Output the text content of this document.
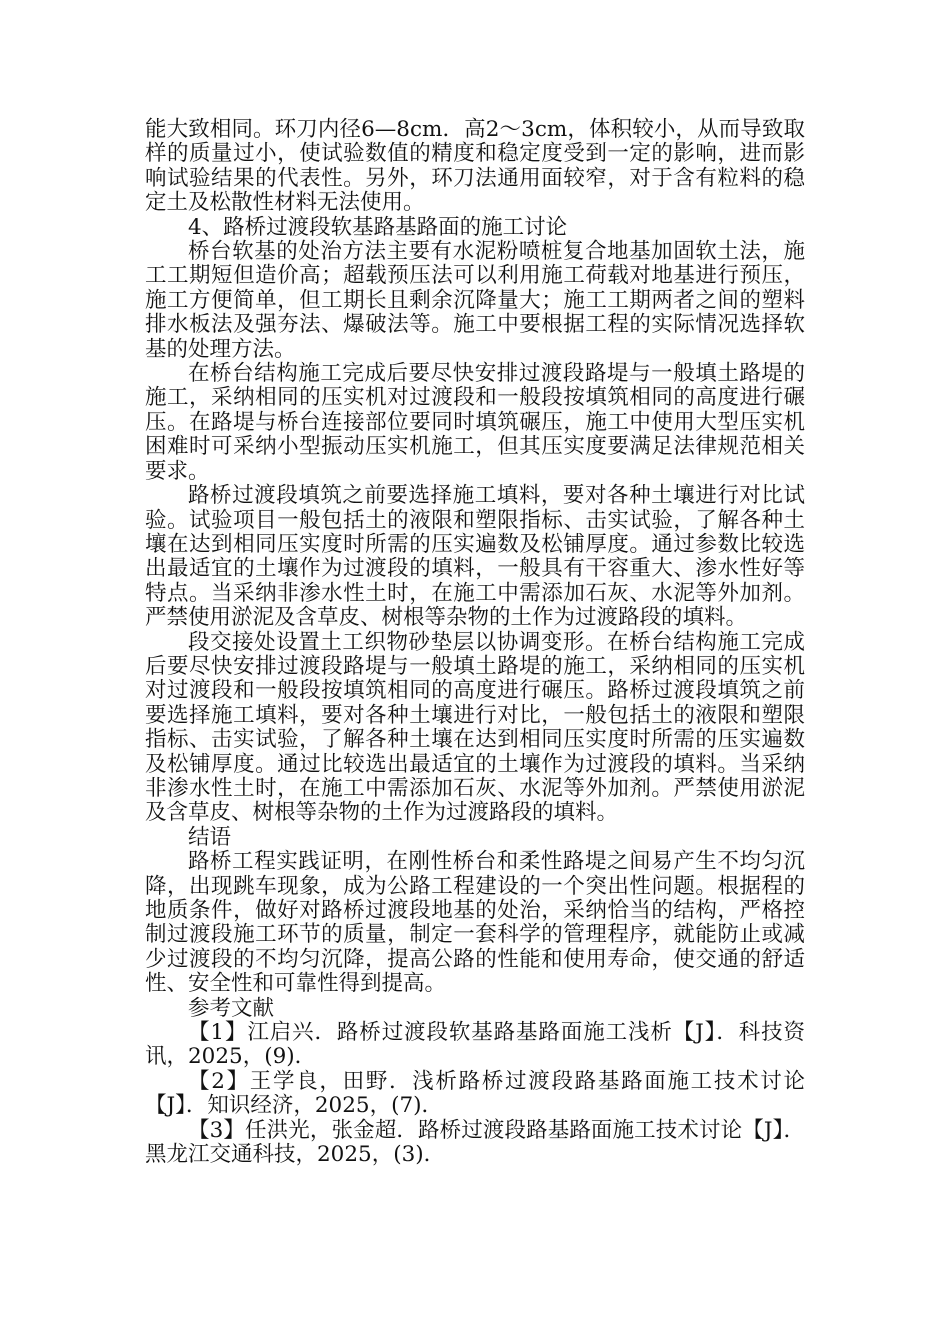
能大致相同。环刀内径6—8cm．高2～3cm，体积较小，从而导致取样的质量过小，使试验数值的精度和稳定度受到一定的影响，进而影响试验结果的代表性。另外，环刀法通用面较窄，对于含有粒料的稳定土及松散性材料无法使用。

4、路桥过渡段软基路基路面的施工讨论

桥台软基的处治方法主要有水泥粉喷桩复合地基加固软土法，施工工期短但造价高；超载预压法可以利用施工荷载对地基进行预压，施工方便简单，但工期长且剩余沉降量大；施工工期两者之间的塑料排水板法及强夯法、爆破法等。施工中要根据工程的实际情况选择软基的处理方法。

在桥台结构施工完成后要尽快安排过渡段路堤与一般填土路堤的施工，采纳相同的压实机对过渡段和一般段按填筑相同的高度进行碾压。在路堤与桥台连接部位要同时填筑碾压，施工中使用大型压实机困难时可采纳小型振动压实机施工，但其压实度要满足法律规范相关要求。

路桥过渡段填筑之前要选择施工填料，要对各种土壤进行对比试验。试验项目一般包括土的液限和塑限指标、击实试验，了解各种土壤在达到相同压实度时所需的压实遍数及松铺厚度。通过参数比较选出最适宜的土壤作为过渡段的填料，一般具有干容重大、渗水性好等特点。当采纳非渗水性土时，在施工中需添加石灰、水泥等外加剂。严禁使用淤泥及含草皮、树根等杂物的土作为过渡路段的填料。

段交接处设置土工织物砂垫层以协调变形。在桥台结构施工完成后要尽快安排过渡段路堤与一般填土路堤的施工，采纳相同的压实机对过渡段和一般段按填筑相同的高度进行碾压。路桥过渡段填筑之前要选择施工填料，要对各种土壤进行对比，一般包括土的液限和塑限指标、击实试验，了解各种土壤在达到相同压实度时所需的压实遍数及松铺厚度。通过比较选出最适宜的土壤作为过渡段的填料。当采纳非渗水性土时，在施工中需添加石灰、水泥等外加剂。严禁使用淤泥及含草皮、树根等杂物的土作为过渡路段的填料。

结语

路桥工程实践证明，在刚性桥台和柔性路堤之间易产生不均匀沉降，出现跳车现象，成为公路工程建设的一个突出性问题。根据程的地质条件，做好对路桥过渡段地基的处治，采纳恰当的结构，严格控制过渡段施工环节的质量，制定一套科学的管理程序，就能防止或减少过渡段的不均匀沉降，提高公路的性能和使用寿命，使交通的舒适性、安全性和可靠性得到提高。

参考文献

【1】江启兴．路桥过渡段软基路基路面施工浅析【J】．科技资讯，2025，(9)．

【2】王学良，田野．浅析路桥过渡段路基路面施工技术讨论【J】．知识经济，2025，(7)．

【3】任洪光，张金超．路桥过渡段路基路面施工技术讨论【J】．黑龙江交通科技，2025，(3)．
